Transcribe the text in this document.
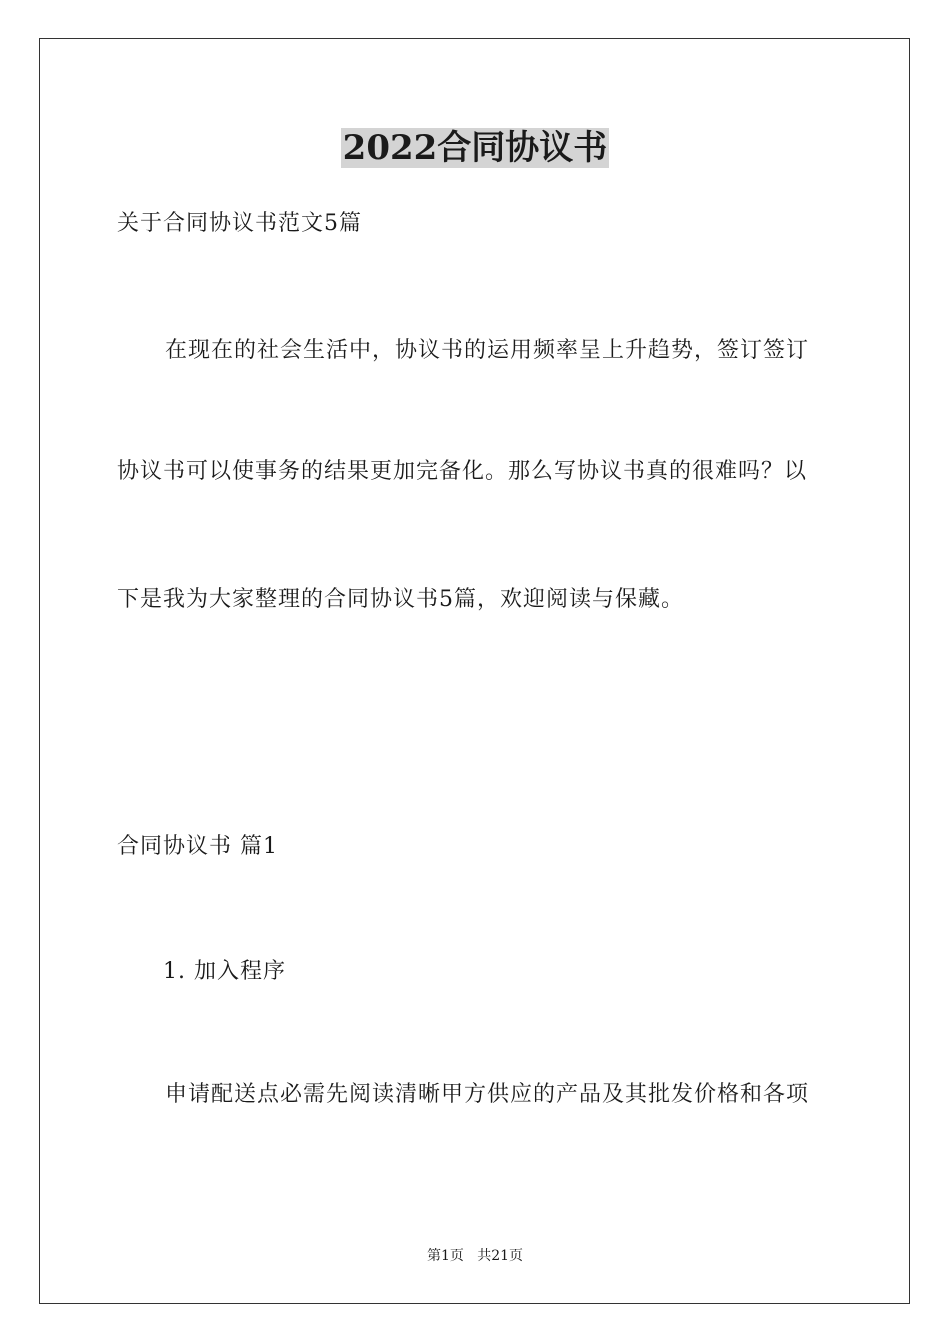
2022合同协议书
关于合同协议书范文5篇
在现在的社会生活中，协议书的运用频率呈上升趋势，签订签订
协议书可以使事务的结果更加完备化。那么写协议书真的很难吗？以
下是我为大家整理的合同协议书5篇，欢迎阅读与保藏。
合同协议书 篇1
1. 加入程序
申请配送点必需先阅读清晰甲方供应的产品及其批发价格和各项
第1页   共21页
